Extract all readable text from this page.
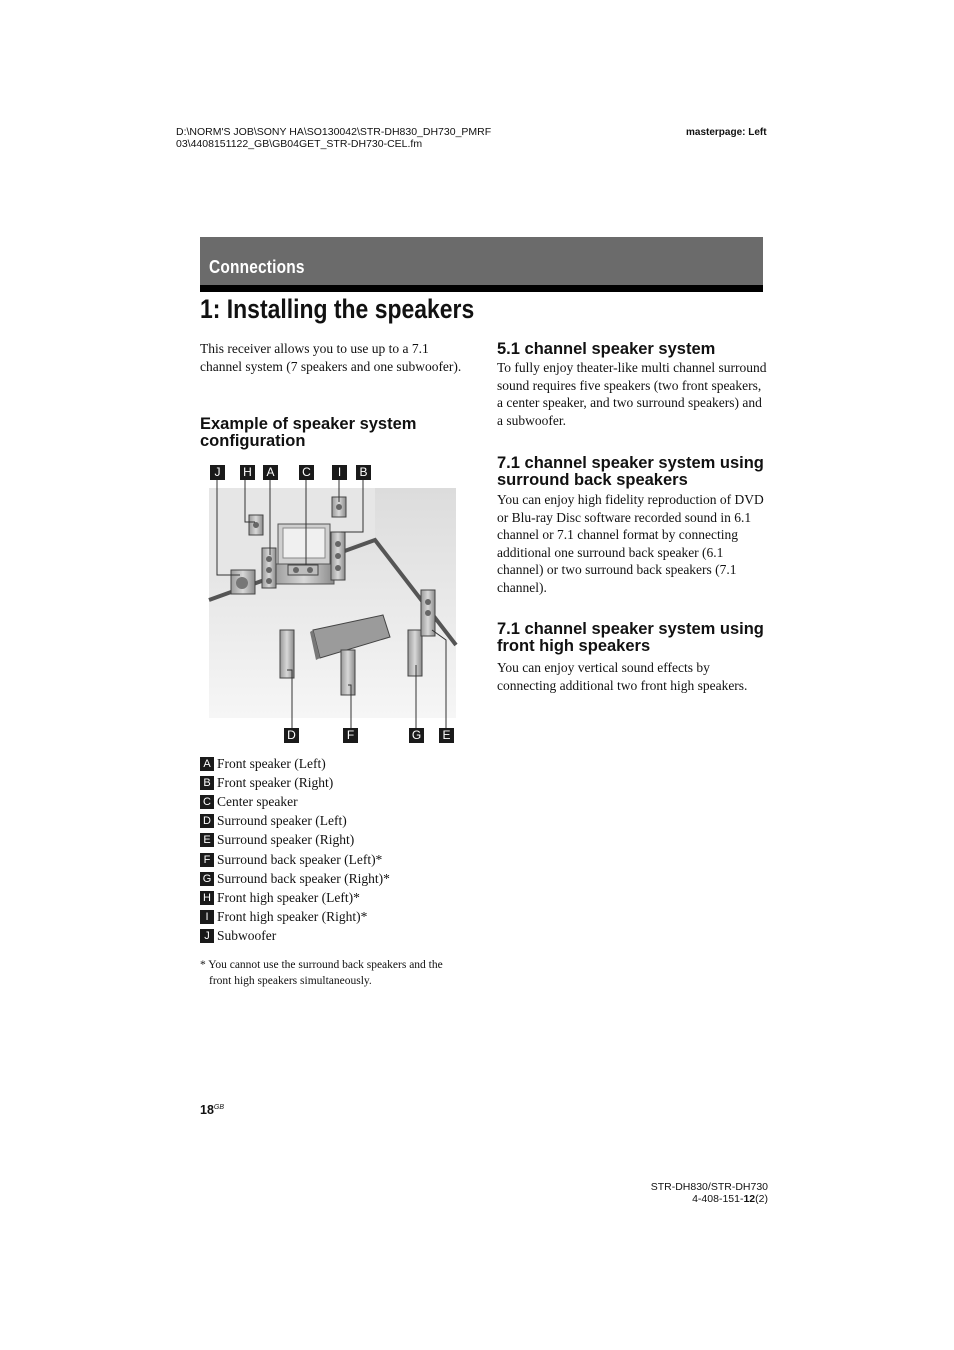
D:\NORM'S JOB\SONY HA\SO130042\STR-DH830_DH730_PMRF
03\4408151122_GB\GB04GET_STR-DH730-CEL.fm
masterpage: Left
Connections
1: Installing the speakers
This receiver allows you to use up to a 7.1 channel system (7 speakers and one subwoofer).
Example of speaker system configuration
J	H A C	I	B
D	F	G E
A Front speaker (Left)
B Front speaker (Right)
C Center speaker
D Surround speaker (Left)
E Surround speaker (Right)
F Surround back speaker (Left)*
G Surround back speaker (Right)*
H Front high speaker (Left)*
I Front high speaker (Right)*
J Subwoofer
* You cannot use the surround back speakers and the
front high speakers simultaneously.
5.1 channel speaker system
To fully enjoy theater-like multi channel surround sound requires five speakers (two front speakers, a center speaker, and two surround speakers) and a subwoofer.
7.1 channel speaker system using surround back speakers
You can enjoy high fidelity reproduction of DVD or Blu-ray Disc software recorded sound in 6.1 channel or 7.1 channel format by connecting additional one surround back speaker (6.1 channel) or two surround back speakers (7.1 channel).
7.1 channel speaker system using front high speakers
You can enjoy vertical sound effects by connecting additional two front high speakers.
$18^{GB}$
STR-DH830/STR-DH730
4-408-151-12(2)
